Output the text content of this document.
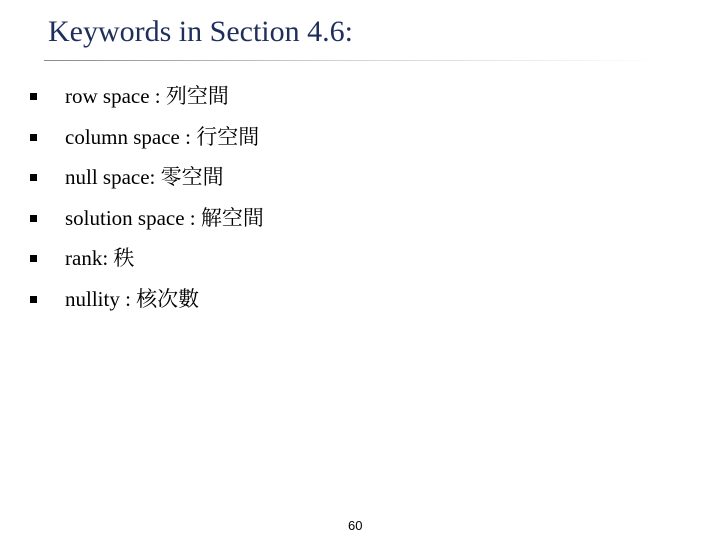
Keywords in Section 4.6:
row space : 列空間
column space : 行空間
null space: 零空間
solution space : 解空間
rank: 秩
nullity : 核次數
60
